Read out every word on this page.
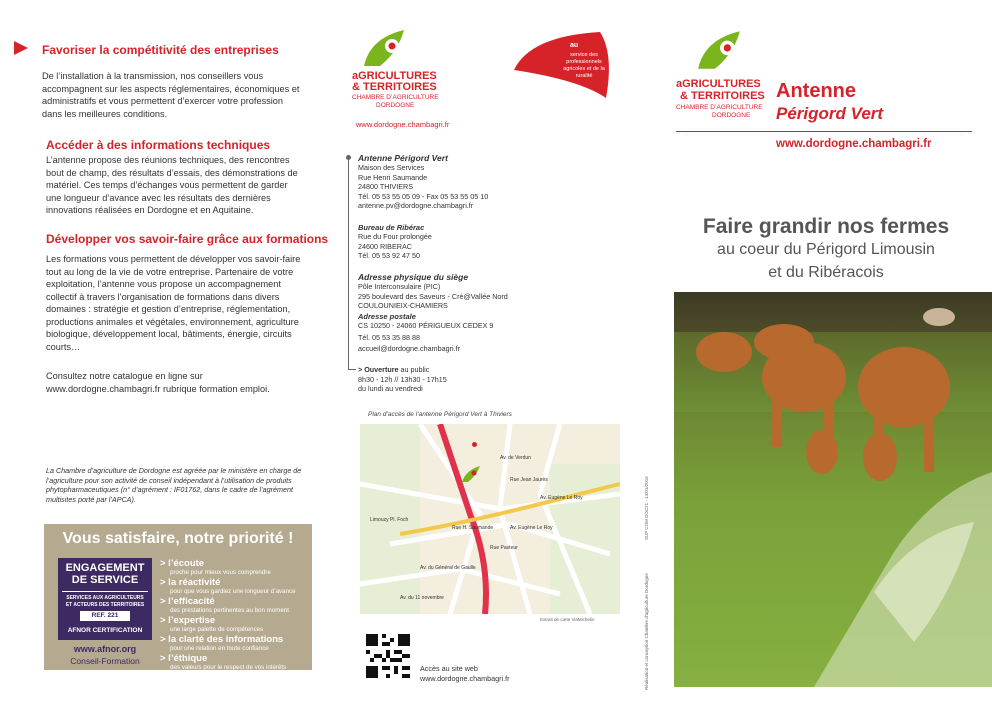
Favoriser la compétitivité des entreprises
De l’installation à la transmission, nos conseillers vous accompagnent sur les aspects réglementaires, économiques et administratifs et vous permettent d’exercer votre profession dans les meilleures conditions.
Accéder à des informations techniques
L’antenne propose des réunions techniques, des rencontres bout de champ, des résultats d’essais, des démonstrations de matériel. Ces temps d’échanges vous permettent de garder une longueur d’avance avec les résultats des dernières innovations réalisées en Dordogne et en Aquitaine.
Développer vos savoir-faire grâce aux formations
Les formations vous permettent de développer vos savoir-faire tout au long de la vie de votre entreprise. Partenaire de votre exploitation, l’antenne vous propose un accompagnement collectif à travers l’organisation de formations dans divers domaines : stratégie et gestion d’entreprise, réglementation, productions animales et végétales, environnement, agriculture biologique, développement local, bâtiments, énergie, circuits courts…
Consultez notre catalogue en ligne sur www.dordogne.chambagri.fr rubrique formation emploi.
La Chambre d’agriculture de Dordogne est agréée par le ministère en charge de l’agriculture pour son activité de conseil indépendant à l’utilisation de produits phytopharmaceutiques (n° d’agrément : IF01762, dans le cadre de l’agrément multisites porté par l’APCA).
Vous satisfaire, notre priorité !
ENGAGEMENT
DE SERVICE
SERVICES AUX AGRICULTEURS
ET ACTEURS DES TERRITOIRES
REF. 221
AFNOR CERTIFICATION
www.afnor.org
Conseil-Formation
> l’écoute
proche pour mieux vous comprendre
> la réactivité
pour que vous gardiez une longueur d’avance
> l’efficacité
des prestations pertinentes au bon moment
> l’expertise
une large palette de compétences
> la clarté des informations
pour une relation en toute confiance
> l’éthique
des valeurs pour le respect de vos intérêts
aGRICULTURES
& TERRITOIRES
CHAMBRE D’AGRICULTURE
DORDOGNE
www.dordogne.chambagri.fr
au
service des professionnels agricoles et de la ruralité
Antenne Périgord Vert
Maison des Services
Rue Henri Saumande
24800 THIVIERS
Tél. 05 53 55 05 09 - Fax 05 53 55 05 10
antenne.pv@dordogne.chambagri.fr
Bureau de Ribérac
Rue du Four prolongée
24600 RIBERAC
Tél. 05 53 92 47 50
Adresse physique du siège
Pôle Interconsulaire (PIC)
295 boulevard des Saveurs - Cré@Vallée Nord
COULOUNIEIX-CHAMIERS
Adresse postale
CS 10250 - 24060 PÉRIGUEUX CEDEX 9
Tél. 05 53 35 88 88
accueil@dordogne.chambagri.fr
> Ouverture au public
8h30 - 12h // 13h30 - 17h15
du lundi au vendredi
Plan d’accès de l’antenne Périgord Vert à Thiviers
Av. de Verdun
Rue Jean Jaurès
Av. Eugène Le Roy
Pl. Foch
Av. du Général de Gaulle
Rue Pasteur
Limouzy
Av. Eugène Le Roy
Rue H. Saumande
Av. du 11 novembre
Extrait de carte ViaMichelin
SUP COM DOC21 - 14/01/2016
Réalisation et conception Chambre d’agriculture Dordogne
Accès au site web
www.dordogne.chambagri.fr
aGRICULTURES
& TERRITOIRES
CHAMBRE D’AGRICULTURE
DORDOGNE
Antenne
Périgord Vert
www.dordogne.chambagri.fr
Faire grandir nos fermes
au coeur du Périgord Limousin
et du Ribéracois
